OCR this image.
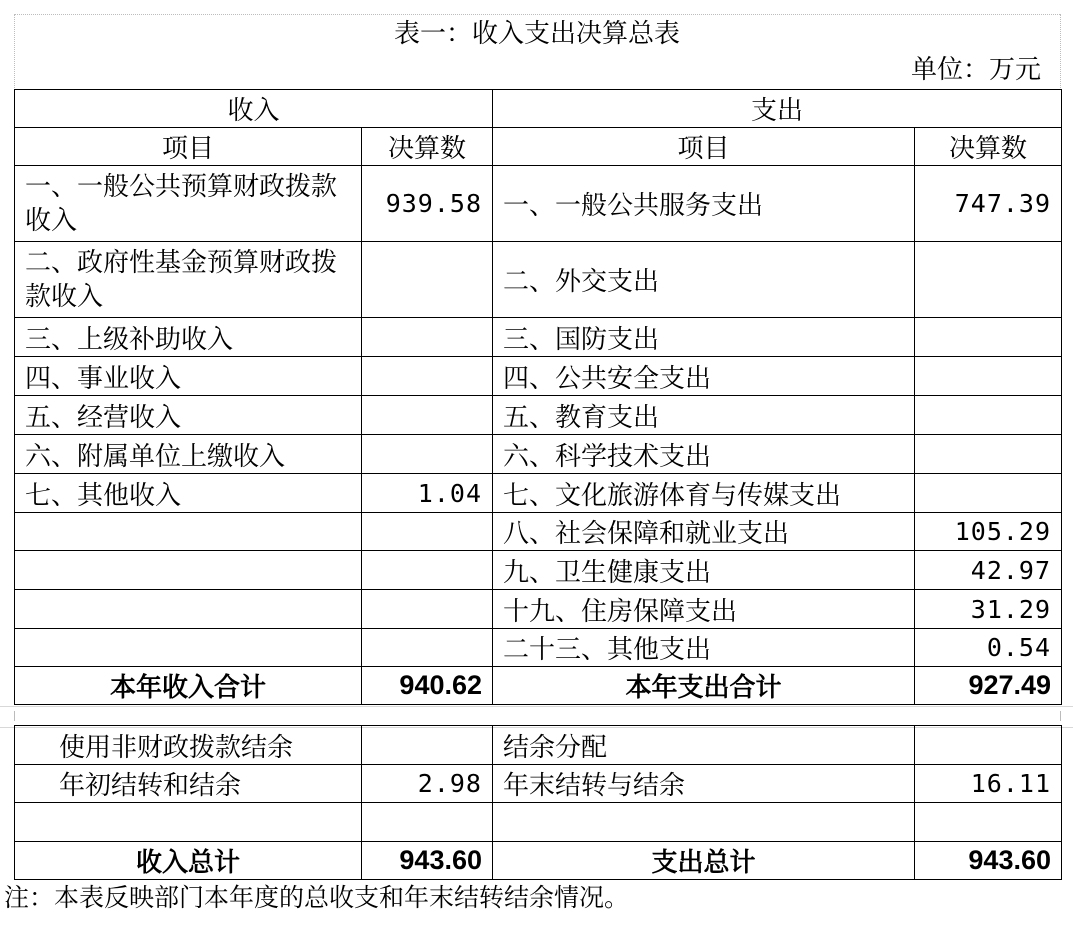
表一：收入支出决算总表
单位：万元
收入		支出	
项目	决算数	项目	决算数
一、一般公共预算财政拨款收入	939.58	一、一般公共服务支出	747.39
二、政府性基金预算财政拨款收入		二、外交支出	
三、上级补助收入		三、国防支出	
四、事业收入		四、公共安全支出	
五、经营收入		五、教育支出	
六、附属单位上缴收入		六、科学技术支出	
七、其他收入	1.04	七、文化旅游体育与传媒支出	
		八、社会保障和就业支出	105.29
		九、卫生健康支出	42.97
		十九、住房保障支出	31.29
		二十三、其他支出	0.54
本年收入合计	940.62	本年支出合计	927.49
使用非财政拨款结余		结余分配	
年初结转和结余	2.98	年末结转与结余	16.11

收入总计	943.60	支出总计	943.60
注：本表反映部门本年度的总收支和年末结转结余情况。
